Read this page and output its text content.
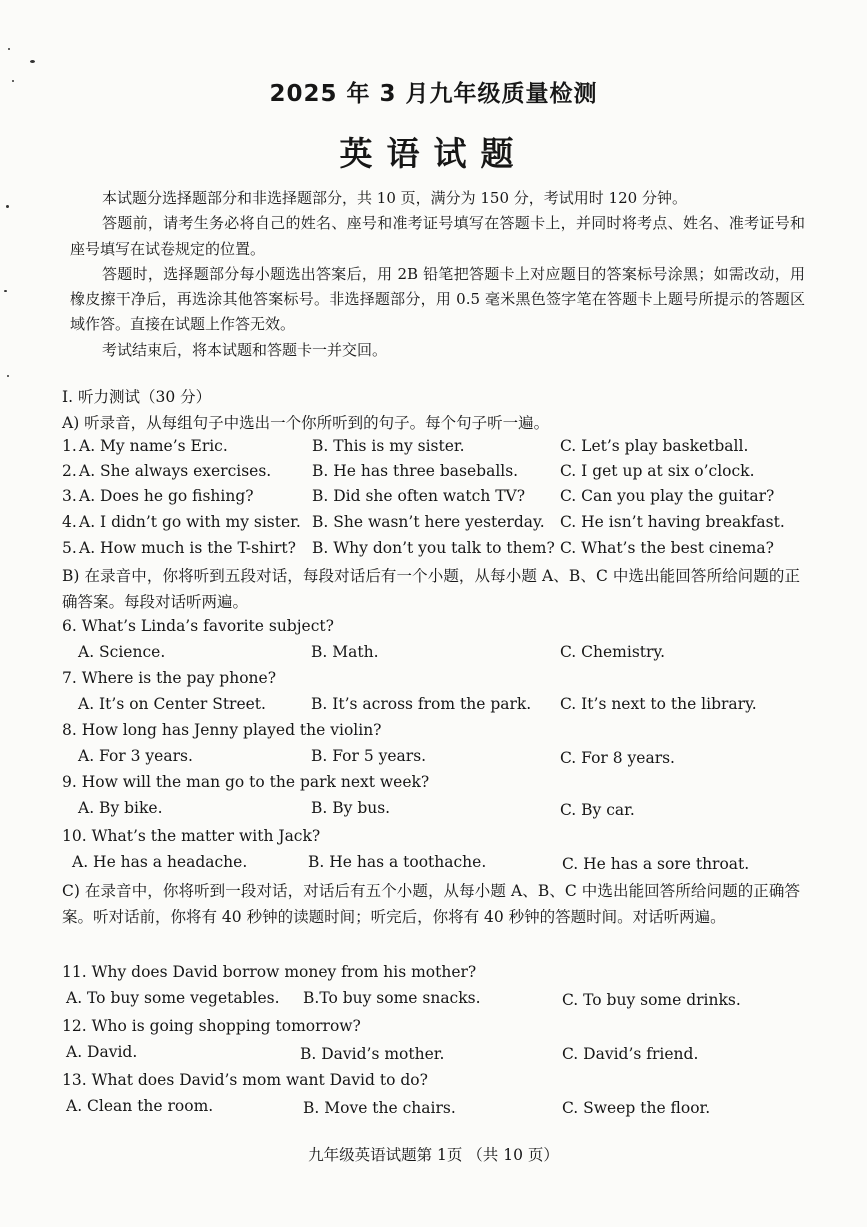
2025 年 3 月九年级质量检测
英语试题

本试题分选择题部分和非选择题部分，共 10 页，满分为 150 分，考试用时 120 分钟。

答题前，请考生务必将自己的姓名、座号和准考证号填写在答题卡上，并同时将考点、姓名、准考证号和座号填写在试卷规定的位置。

答题时，选择题部分每小题选出答案后，用 2B 铅笔把答题卡上对应题目的答案标号涂黑；如需改动，用橡皮擦干净后，再选涂其他答案标号。非选择题部分，用 0.5 毫米黑色签字笔在答题卡上题号所提示的答题区域作答。直接在试题上作答无效。

考试结束后，将本试题和答题卡一并交回。

I. 听力测试（30 分）
A) 听录音，从每组句子中选出一个你所听到的句子。每个句子听一遍。
1. A. My name’s Eric.	B. This is my sister.	C. Let’s play basketball.
2. A. She always exercises.	B. He has three baseballs.	C. I get up at six o’clock.
3. A. Does he go fishing?	B. Did she often watch TV? C. Can you play the guitar?
4. A. I didn’t go with my sister. B. She wasn’t here yesterday. C. He isn’t having breakfast.
5. A. How much is the T-shirt? B. Why don’t you talk to them? C. What’s the best cinema?
B) 在录音中，你将听到五段对话，每段对话后有一个小题，从每小题 A、B、C 中选出能回答所给问题的正确答案。每段对话听两遍。
6. What’s Linda’s favorite subject?
A. Science.	B. Math.	C. Chemistry.
7. Where is the pay phone?
A. It’s on Center Street.	B. It’s across from the park. C. It’s next to the library.
8. How long has Jenny played the violin?
A. For 3 years.	B. For 5 years.	C. For 8 years.
9. How will the man go to the park next week?
A. By bike.	B. By bus.	C. By car.
10. What’s the matter with Jack?
A. He has a headache.	B. He has a toothache.	C. He has a sore throat.
C) 在录音中，你将听到一段对话，对话后有五个小题，从每小题 A、B、C 中选出能回答所给问题的正确答案。听对话前，你将有 40 秒钟的读题时间；听完后，你将有 40 秒钟的答题时间。对话听两遍。
11. Why does David borrow money from his mother?
A. To buy some vegetables. B.To buy some snacks.	C. To buy some drinks.
12. Who is going shopping tomorrow?
A. David.	B. David’s mother.	C. David’s friend.
13. What does David’s mom want David to do?
A. Clean the room.	B. Move the chairs.	C. Sweep the floor.
九年级英语试题第 1页 （共 10 页）
